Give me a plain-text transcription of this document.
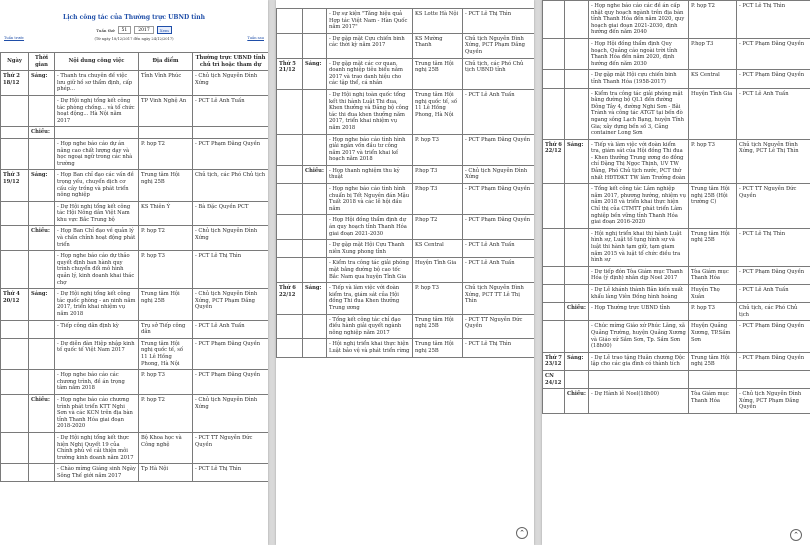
Lịch công tác của Thường trực UBND tỉnh
Tuần thứ	51	2017	Xem
(Từ ngày 18/12/2017 đến ngày 24/12/2017)
Tuần trước	Tuần sau
Ngày	Thời gian	Nội dung công việc	Địa điểm	Thường trực UBND tỉnh chủ trì hoặc tham dự
Thứ 2 18/12	Sáng:	- Thanh tra chuyên đề việc lưu giữ hồ sơ thẩm định, cấp phép...	Tỉnh Vĩnh Phúc	- Chủ tịch Nguyễn Đình Xứng
		- Dự Hội nghị tổng kết công tác phòng chống... và tổ chức hoạt động... Hà Nội năm 2017	TP Vinh Nghệ An	- PCT Lê Anh Tuấn
	Chiều:			
		- Họp nghe báo cáo dự án nâng cao chất lượng dạy và học ngoại ngữ trong các nhà trường	P. họp T2	- PCT Phạm Đăng Quyền
Thứ 3 19/12	Sáng:	- Họp Ban chỉ đạo các vấn đề trọng yếu, chuyển dịch cơ cấu cây trồng và phát triển nông nghiệp	Trung tâm Hội nghị 25B	Chủ tịch, các Phó Chủ tịch
		- Dự Hội nghị tổng kết công tác Hội Nông dân Việt Nam khu vực Bắc Trung bộ	KS Thiên Ý	- Bà Đặc Quyền PCT
	Chiều:	- Họp Ban Chỉ đạo về quản lý và chấn chỉnh hoạt động phát triển	P. họp T2	- Chủ tịch Nguyễn Đình Xứng
		- Họp nghe báo cáo dự thảo quyết định ban hành quy trình chuyển đổi mô hình quản lý, kinh doanh khai thác chợ	P. họp T3	- PCT Lê Thị Thìn
Thứ 4 20/12	Sáng:	- Dự Hội nghị tổng kết công tác quốc phòng - an ninh năm 2017, triển khai nhiệm vụ năm 2018	Trung tâm Hội nghị 25B	- Chủ tịch Nguyễn Đình Xứng, PCT Phạm Đăng Quyền
		- Tiếp công dân định kỳ	Trụ sở Tiếp công dân	- PCT Lê Anh Tuấn
		- Dự diễn đàn Hiệp nhập kinh tế quốc tế Việt Nam 2017	Trung tâm Hội nghị quốc tế, số 11 Lê Hồng Phong, Hà Nội	- PCT Phạm Đăng Quyền
		- Họp nghe báo cáo các chương trình, đề án trọng tâm năm 2018	P. họp T3	- PCT Phạm Đăng Quyền
	Chiều:	- Họp nghe báo cáo chương trình phát triển KTT Nghi Sơn và các KCN trên địa bàn tỉnh Thanh Hóa giai đoạn 2018-2020	P. họp T2	- Chủ tịch Nguyễn Đình Xứng
		- Dự Hội nghị tổng kết thực hiện Nghị Quyết 19 của Chính phủ về cải thiện môi trường kinh doanh năm 2017	Bộ Khoa học và Công nghệ	- PCT TT Nguyễn Đức Quyền
		- Chào mừng Giáng sinh Ngày Sông Thế giới năm 2017	Tp Hà Nội	- PCT Lê Thị Thìn
		- Dự sự kiện "Tăng hiệu quả Hợp tác Việt Nam - Hàn Quốc năm 2017"	KS Lotte Hà Nội	- PCT Lê Thị Thìn
		- Dự gặp mặt Cựu chiến binh các thời kỳ năm 2017	KS Mường Thanh	Chủ tịch Nguyễn Đình Xứng, PCT Phạm Đăng Quyền
Thứ 5 21/12	Sáng:	- Dự gặp mặt các cơ quan, doanh nghiệp tiêu biểu năm 2017 và trao danh hiệu cho các tập thể, cá nhân	Trung tâm Hội nghị 25B	Chủ tịch, các Phó Chủ tịch UBND tỉnh
		- Dự Hội nghị toàn quốc tổng kết thi hành Luật Thi đua, Khen thưởng và Đảng bộ công tác thi đua khen thưởng năm 2017, triển khai nhiệm vụ năm 2018	Trung tâm Hội nghị quốc tế, số 11 Lê Hồng Phong, Hà Nội	- PCT Lê Anh Tuấn
		- Họp nghe báo cáo tình hình giải ngân vốn đầu tư công năm 2017 và triển khai kế hoạch năm 2018	P. họp T3	- PCT Phạm Đăng Quyền
	Chiều:	- Họp thanh nghiệm thu kỹ thuật	P.họp T3	- Chủ tịch Nguyễn Đình Xứng
		- Họp nghe báo cáo tình hình chuẩn bị Tết Nguyên đán Mậu Tuất 2018 và các lễ hội đầu năm	P.họp T3	- PCT Phạm Đăng Quyền
		- Họp Hội đồng thẩm định dự án quy hoạch tỉnh Thanh Hóa giai đoạn 2021-2030	P.họp T2	- PCT Phạm Đăng Quyền
		- Dự gặp mặt Hội Cựu Thanh niên Xung phong tỉnh	KS Central	- PCT Lê Anh Tuấn
		- Kiểm tra công tác giải phóng mặt bằng đường bộ cao tốc Bắc Nam qua huyện Tĩnh Gia	Huyện Tĩnh Gia	- PCT Lê Anh Tuấn
Thứ 6 22/12	Sáng:	- Tiếp và làm việc với đoàn kiểm tra, giám sát của Hội đồng Thi đua Khen thưởng Trung ương	P. họp T3	Chủ tịch Nguyễn Đình Xứng, PCT TT Lê Thị Thìn
		- Tổng kết công tác chỉ đạo điều hành giải quyết ngành nông nghiệp năm 2017	Trung tâm Hội nghị 25B	- PCT TT Nguyễn Đức Quyền
		- Hội nghị triển khai thực hiện Luật bảo vệ và phát triển rừng	Trung tâm Hội nghị 25B	- PCT Lê Thị Thìn
⌃
		- Họp nghe báo cáo các đề án cấp nhật quy hoạch ngành trên địa bàn tỉnh Thanh Hóa đến năm 2020, quy hoạch giai đoạn 2021-2030, định hướng đến năm 2040	P. họp T2	- PCT Lê Thị Thìn
		- Họp Hội đồng thẩm định Quy hoạch, Quảng cáo ngoài trời tỉnh Thanh Hóa đến năm 2020, định hướng đến năm 2030	P.họp T3	- PCT Phạm Đăng Quyền
		- Dự gặp mặt Hội cựu chiến binh tỉnh Thanh Hóa (1958-2017)	KS Central	- PCT Phạm Đăng Quyền
		- Kiểm tra công tác giải phóng mặt bằng đường bộ QL1 đến đường Đông Tây 4, đường Nghi Sơn - Bãi Trành và công tác ATGT tại bến đò ngang sông Lạch Bạng, huyện Tĩnh Gia; xây dựng bến số 3, Cảng container Long Sơn	Huyện Tĩnh Gia	- PCT Lê Anh Tuấn
Thứ 6 22/12	Sáng:	- Tiếp và làm việc với đoàn kiểm tra, giám sát của Hội đồng Thi đua - Khen thưởng Trung ương do đồng chí Đặng Thị Ngọc Thịnh, UV TW Đảng, Phó Chủ tịch nước, PCT thứ nhất HĐTĐKT TW làm Trưởng đoàn	P. họp T3	Chủ tịch Nguyễn Đình Xứng, PCT Lê Thị Thìn
		- Tổng kết công tác Lâm nghiệp năm 2017, phương hướng, nhiệm vụ năm 2018 và triển khai thực hiện Chỉ thị của CTMTT phát triển Lâm nghiệp bền vững tỉnh Thanh Hóa giai đoạn 2016-2020	Trung tâm Hội nghị 25B (Hội trường C)	- PCT TT Nguyễn Đức Quyền
		- Hội nghị triển khai thi hành Luật hình sự, Luật tố tụng hình sự và luật thi hành tạm giữ, tạm giam năm 2015 và luật tổ chức điều tra hình sự	Trung tâm Hội nghị 25B	- PCT Lê Thị Thìn
		- Dự tiếp đón Tòa Giám mục Thanh Hóa (ý định) nhân dịp Noel 2017	Tòa Giám mục Thanh Hóa	- PCT Phạm Đăng Quyền
		- Dự Lễ khánh thành Bản kiến xuất khẩu làng Viên Đồng hình hoàng	Huyện Thọ Xuân	- PCT Lê Anh Tuấn
	Chiều:	- Họp Thường trực UBND tỉnh	P. họp T3	Chủ tịch, các Phó Chủ tịch
		- Chúc mừng Giáo xứ Phúc Lãng, xã Quảng Trường, huyện Quảng Xương và Giáo xứ Sầm Sơn, Tp. Sầm Sơn (18h00)	Huyện Quảng Xương, TP.Sầm Sơn	- PCT Phạm Đăng Quyền
Thứ 7 23/12	Sáng:	- Dự Lễ trao tặng Huân chương Độc lập cho các gia đình có thành tích	Trung tâm Hội nghị 25B	- PCT Phạm Đăng Quyền
CN 24/12				
	Chiều:	- Dự Hành lễ Noel(18h00)	Tòa Giám mục Thanh Hóa	- Chủ tịch Nguyễn Đình Xứng, PCT Phạm Đăng Quyền
⌃
